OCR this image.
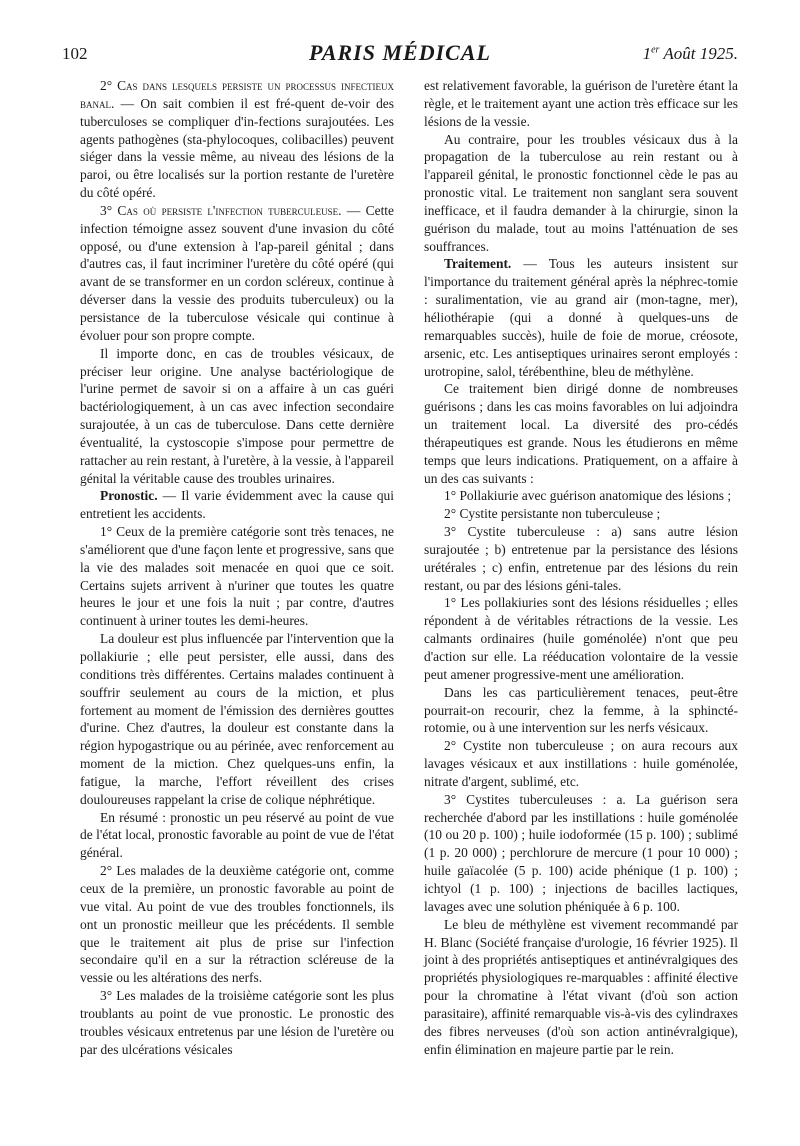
102	PARIS MÉDICAL	1er Août 1925.

2° Cas dans lesquels persiste un processus infectieux banal. — On sait combien il est fré-quent de-voir des tuberculoses se compliquer d'in-fections surajoutées. Les agents pathogènes (sta-phylocoques, colibacilles) peuvent siéger dans la vessie même, au niveau des lésions de la paroi, ou être localisés sur la portion restante de l'uretère du côté opéré.

3° Cas où persiste l'infection tuberculeuse. — Cette infection témoigne assez souvent d'une invasion du côté opposé, ou d'une extension à l'ap-pareil génital ; dans d'autres cas, il faut incriminer l'uretère du côté opéré (qui avant de se transformer en un cordon scléreux, continue à déverser dans la vessie des produits tuberculeux) ou la persistance de la tuberculose vésicale qui continue à évoluer pour son propre compte.

Il importe donc, en cas de troubles vésicaux, de préciser leur origine. Une analyse bactériologique de l'urine permet de savoir si on a affaire à un cas guéri bactériologiquement, à un cas avec infection secondaire surajoutée, à un cas de tuberculose. Dans cette dernière éventualité, la cystoscopie s'impose pour permettre de rattacher au rein restant, à l'uretère, à la vessie, à l'appareil génital la véritable cause des troubles urinaires.

Pronostic. — Il varie évidemment avec la cause qui entretient les accidents.

1° Ceux de la première catégorie sont très tenaces, ne s'améliorent que d'une façon lente et progressive, sans que la vie des malades soit menacée en quoi que ce soit. Certains sujets arrivent à n'uriner que toutes les quatre heures le jour et une fois la nuit ; par contre, d'autres continuent à uriner toutes les demi-heures.

La douleur est plus influencée par l'intervention que la pollakiurie ; elle peut persister, elle aussi, dans des conditions très différentes. Certains malades continuent à souffrir seulement au cours de la miction, et plus fortement au moment de l'émission des dernières gouttes d'urine. Chez d'autres, la douleur est constante dans la région hypogastrique ou au périnée, avec renforcement au moment de la miction. Chez quelques-uns enfin, la fatigue, la marche, l'effort réveillent des crises douloureuses rappelant la crise de colique néphrétique.

En résumé : pronostic un peu réservé au point de vue de l'état local, pronostic favorable au point de vue de l'état général.

2° Les malades de la deuxième catégorie ont, comme ceux de la première, un pronostic favorable au point de vue vital. Au point de vue des troubles fonctionnels, ils ont un pronostic meilleur que les précédents. Il semble que le traitement ait plus de prise sur l'infection secondaire qu'il en a sur la rétraction scléreuse de la vessie ou les altérations des nerfs.

3° Les malades de la troisième catégorie sont les plus troublants au point de vue pronostic. Le pronostic des troubles vésicaux entretenus par une lésion de l'uretère ou par des ulcérations vésicales

est relativement favorable, la guérison de l'uretère étant la règle, et le traitement ayant une action très efficace sur les lésions de la vessie.

Au contraire, pour les troubles vésicaux dus à la propagation de la tuberculose au rein restant ou à l'appareil génital, le pronostic fonctionnel cède le pas au pronostic vital. Le traitement non sanglant sera souvent inefficace, et il faudra demander à la chirurgie, sinon la guérison du malade, tout au moins l'atténuation de ses souffrances.

Traitement. — Tous les auteurs insistent sur l'importance du traitement général après la néphrec-tomie : suralimentation, vie au grand air (mon-tagne, mer), héliothérapie (qui a donné à quelques-uns de remarquables succès), huile de foie de morue, créosote, arsenic, etc. Les antiseptiques urinaires seront employés : urotropine, salol, térébenthine, bleu de méthylène.

Ce traitement bien dirigé donne de nombreuses guérisons ; dans les cas moins favorables on lui adjoindra un traitement local. La diversité des pro-cédés thérapeutiques est grande. Nous les étudierons en même temps que leurs indications. Pratiquement, on a affaire à un des cas suivants :

1° Pollakiurie avec guérison anatomique des lésions ;

2° Cystite persistante non tuberculeuse ;

3° Cystite tuberculeuse : a) sans autre lésion surajoutée ; b) entretenue par la persistance des lésions urétérales ; c) enfin, entretenue par des lésions du rein restant, ou par des lésions géni-tales.

1° Les pollakiuries sont des lésions résiduelles ; elles répondent à de véritables rétractions de la vessie. Les calmants ordinaires (huile goménolée) n'ont que peu d'action sur elle. La rééducation volontaire de la vessie peut amener progressive-ment une amélioration.

Dans les cas particulièrement tenaces, peut-être pourrait-on recourir, chez la femme, à la sphincté-rotomie, ou à une intervention sur les nerfs vésicaux.

2° Cystite non tuberculeuse ; on aura recours aux lavages vésicaux et aux instillations : huile goménolée, nitrate d'argent, sublimé, etc.

3° Cystites tuberculeuses : a. La guérison sera recherchée d'abord par les instillations : huile goménolée (10 ou 20 p. 100) ; huile iodoformée (15 p. 100) ; sublimé (1 p. 20 000) ; perchlorure de mercure (1 pour 10 000) ; huile gaïacolée (5 p. 100) acide phénique (1 p. 100) ; ichtyol (1 p. 100) ; injections de bacilles lactiques, lavages avec une solution phéniquée à 6 p. 100.

Le bleu de méthylène est vivement recommandé par H. Blanc (Société française d'urologie, 16 février 1925). Il joint à des propriétés antiseptiques et antinévralgiques des propriétés physiologiques re-marquables : affinité élective pour la chromatine à l'état vivant (d'où son action parasitaire), affinité remarquable vis-à-vis des cylindraxes des fibres nerveuses (d'où son action antinévralgique), enfin élimination en majeure partie par le rein.
